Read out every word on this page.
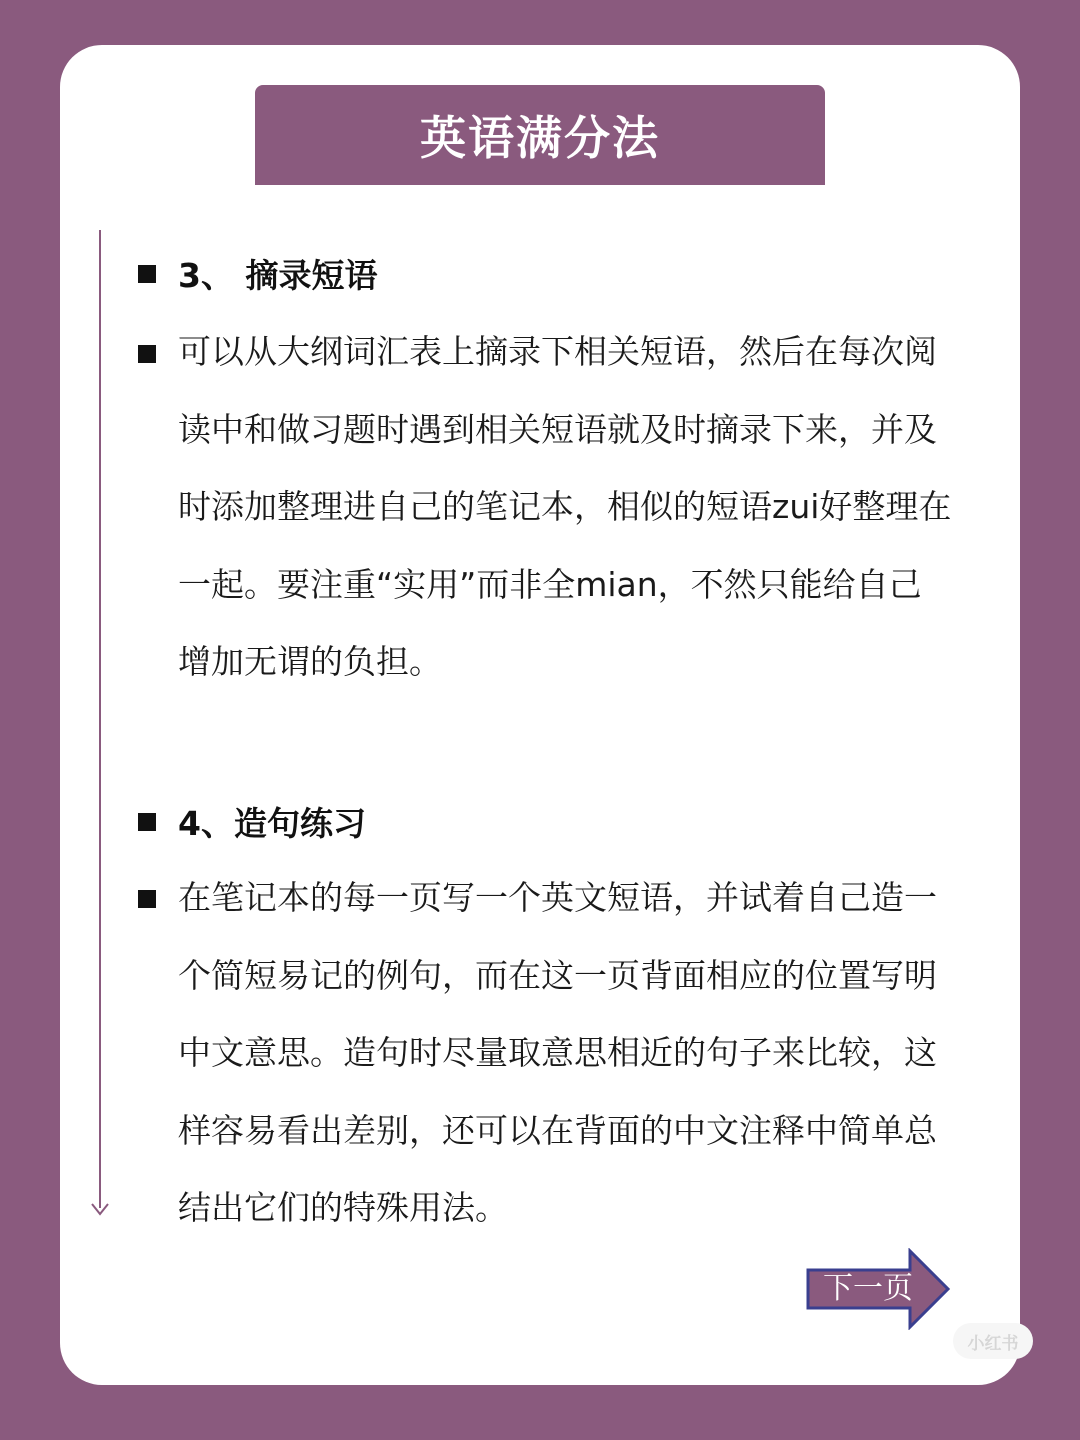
英语满分法
3、 摘录短语
可以从大纲词汇表上摘录下相关短语，然后在每次阅
读中和做习题时遇到相关短语就及时摘录下来，并及
时添加整理进自己的笔记本，相似的短语zui好整理在
一起。要注重“实用”而非全mian，不然只能给自己
增加无谓的负担。
4、造句练习
在笔记本的每一页写一个英文短语，并试着自己造一
个简短易记的例句，而在这一页背面相应的位置写明
中文意思。造句时尽量取意思相近的句子来比较，这
样容易看出差别，还可以在背面的中文注释中简单总
结出它们的特殊用法。
下一页
小红书
